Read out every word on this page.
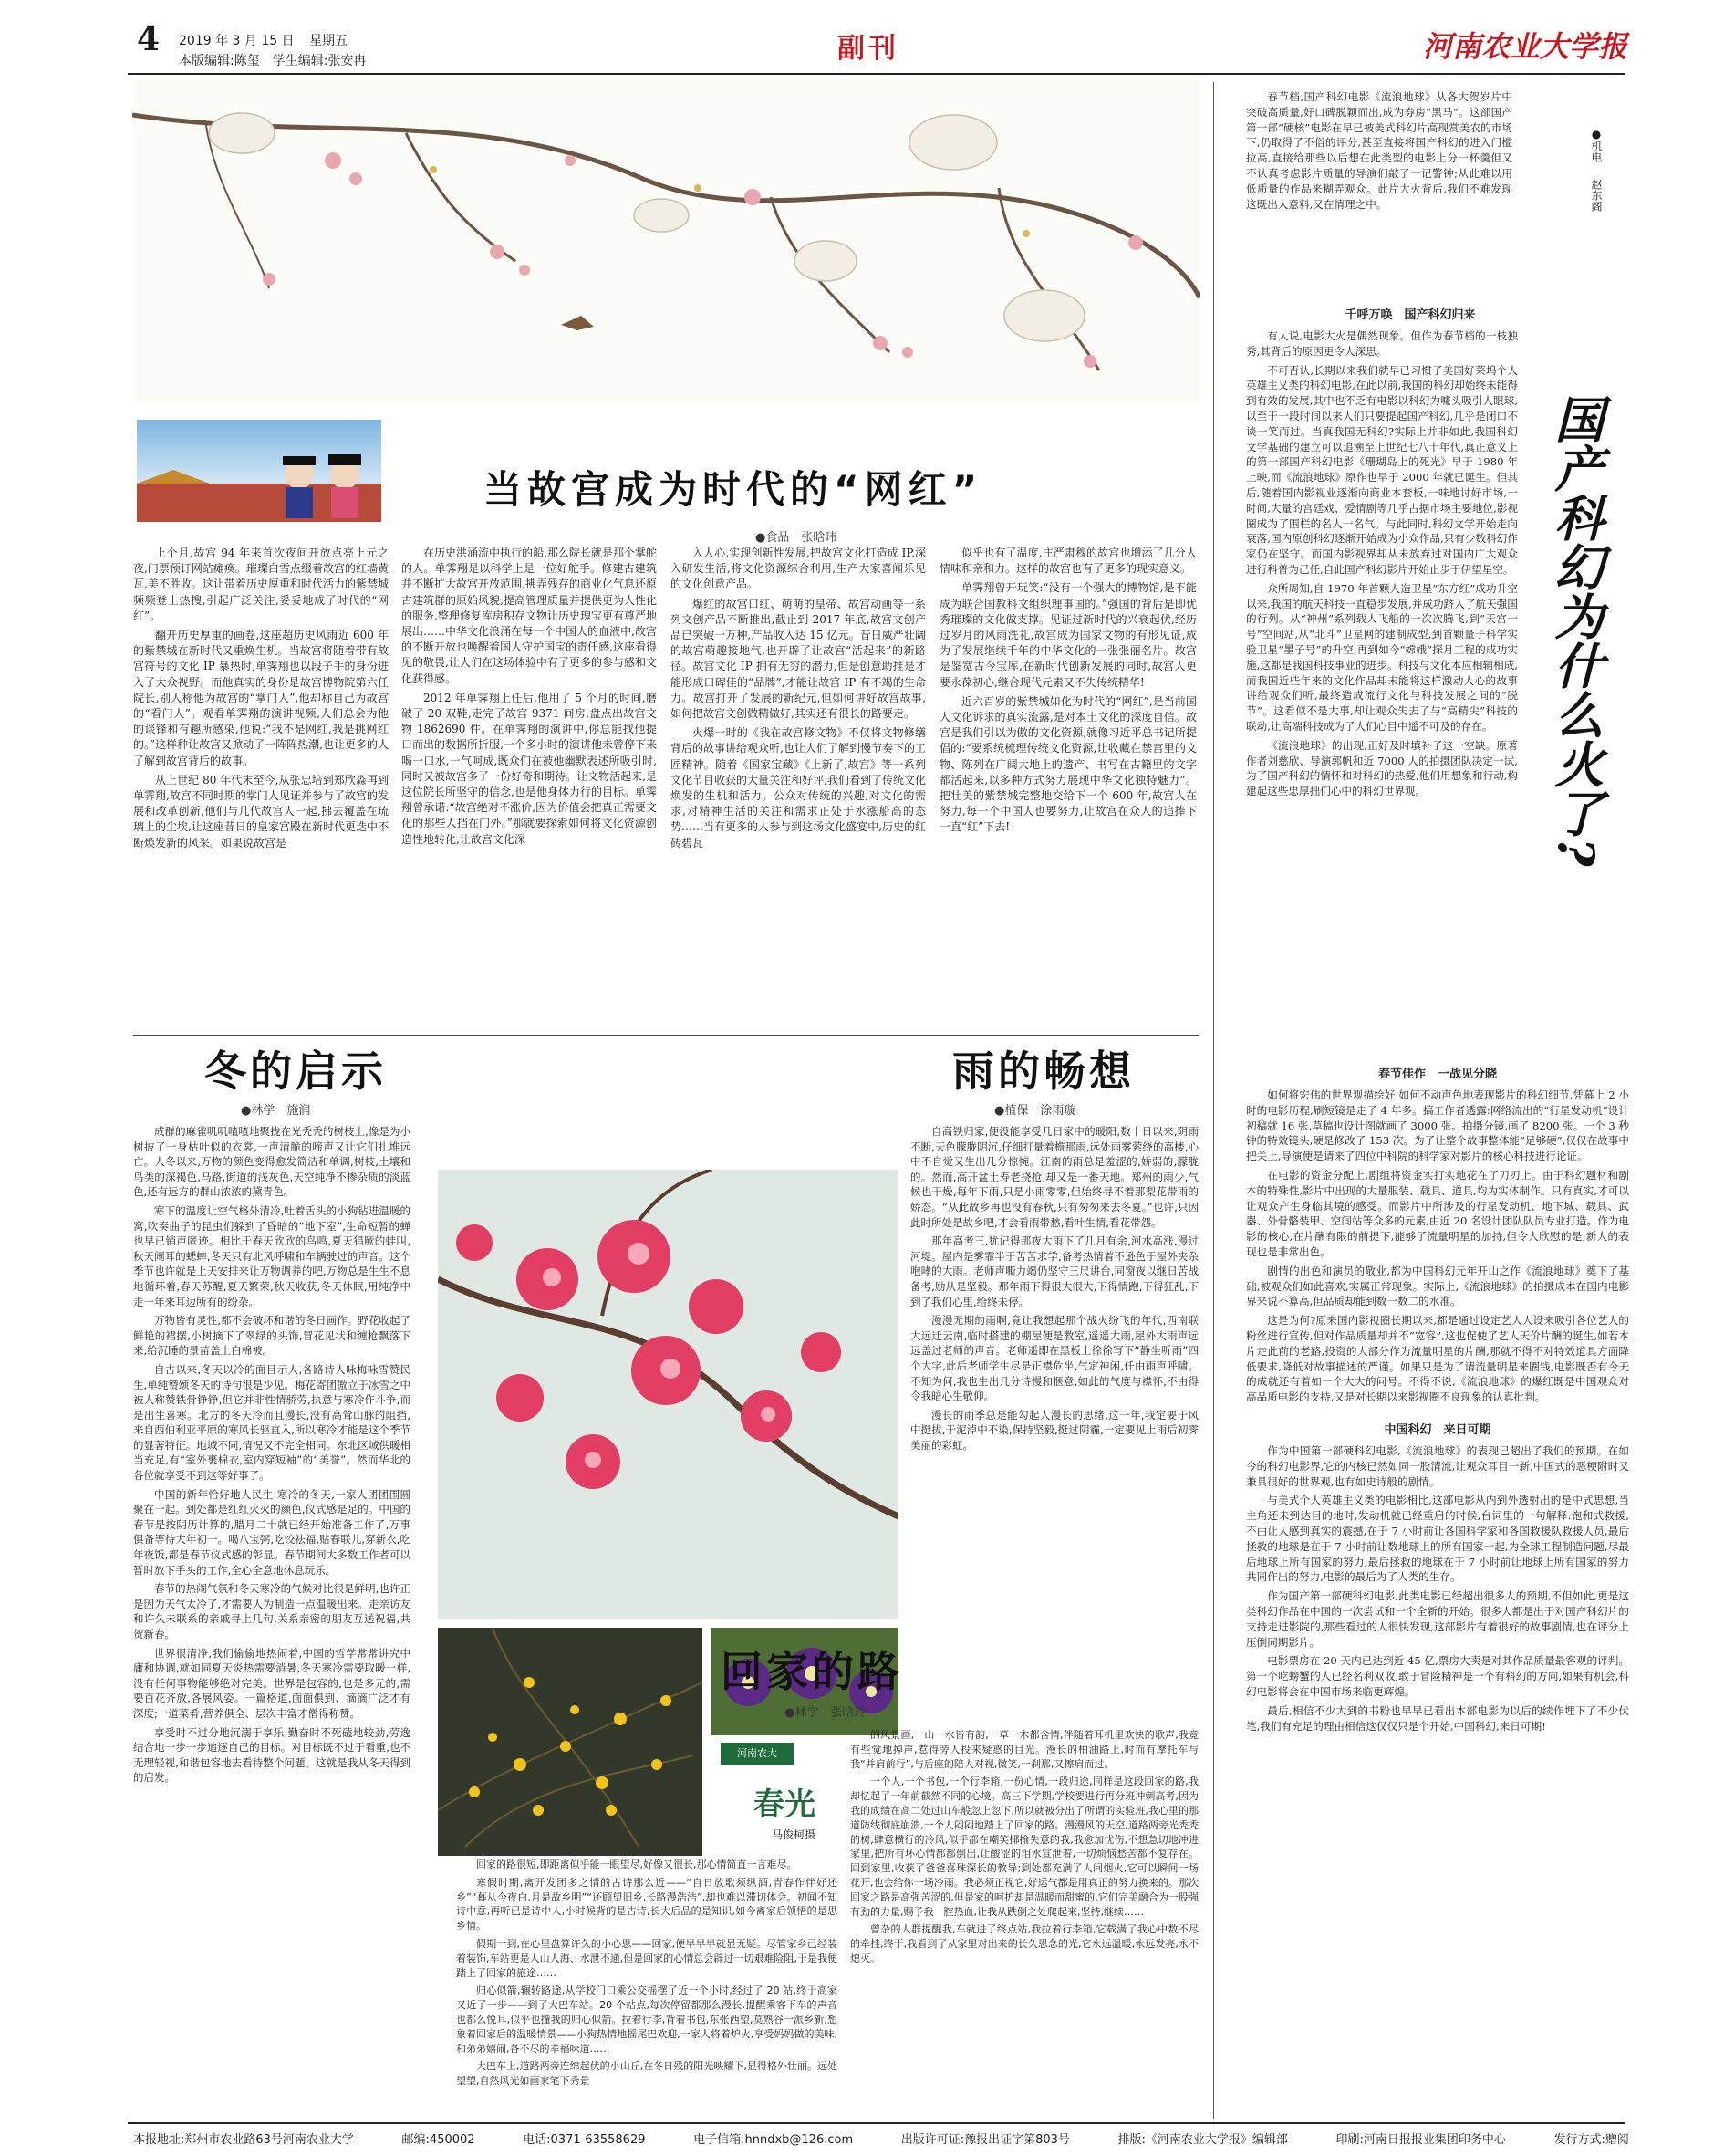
4 2019 年 3 月 15 日 星期五
本版编辑:陈玺　学生编辑:张安冉	副刊	河南农业大学报
当故宫成为时代的“网红”
●食品　张晗玮

上个月,故宫 94 年来首次夜间开放点亮上元之夜,门票预订网站瘫痪。璀璨白雪点缀着故宫的红墙黄瓦,美不胜收。这让带着历史厚重和时代活力的紫禁城频频登上热搜,引起广泛关注,妥妥地成了时代的“网红”。

翻开历史厚重的画卷,这座超历史风雨近 600 年的紫禁城在新时代又重焕生机。当故宫将随着带有故宫符号的文化 IP 暴热时,单霁翔也以段子手的身份进入了大众视野。而他真实的身份是故宫博物院第六任院长,别人称他为故宫的“掌门人”,他却称自己为故宫的“看门人”。观看单霁翔的演讲视频,人们总会为他的谈锋和有趣所感染,他说:“我不是网红,我是挑网红的。”这样种让故宫又掀动了一阵阵热潮,也让更多的人了解到故宫背后的故事。

从上世纪 80 年代末至今,从张忠培到郑欣淼再到单霁翔,故宫不同时期的掌门人见证并参与了故宫的发展和改革创新,他们与几代故宫人一起,拂去覆盖在琉璃上的尘埃,让这座昔日的皇家宫殿在新时代更迭中不断焕发新的风采。如果说故宫是

在历史洪涌流中执行的船,那么院长就是那个掌舵的人。单霁翔是以科学上是一位好舵手。修建古建筑并不断扩大故宫开放范围,拂弄残存的商业化气息还原古建筑群的原始风貌,提高管理质量并提供更为人性化的服务,整理修复库房积存文物让历史瑰宝更有尊严地展出……中华文化浪涌在每一个中国人的血液中,故宫的不断开放也唤醒着国人守护国宝的责任感,这座看得见的敬畏,让人们在这场体验中有了更多的参与感和文化获得感。

2012 年单霁翔上任后,他用了 5 个月的时间,磨破了 20 双鞋,走完了故宫 9371 间房,盘点出故宫文物 1862690 件。在单霁翔的演讲中,你总能找他提口而出的数据所折服,一个多小时的演讲他未曾停下来喝一口水,一气呵成,既众们在被他幽默表述所吸引时,同时又被故宫多了一份好奇和期待。让文物活起来,是这位院长所坚守的信念,也是他身体力行的目标。单霁翔曾承诺:“故宫绝对不涨价,因为价值会把真正需要文化的那些人挡在门外。”那就要探索如何将文化资源创造性地转化,让故宫文化深

入人心,实现创新性发展,把故宫文化打造成 IP,深入研发生活,将文化资源综合利用,生产大家喜闻乐见的文化创意产品。

爆红的故宫口红、萌萌的皇帝、故宫动画等一系列文创产品不断推出,截止到 2017 年底,故宫文创产品已突破一万种,产品收入达 15 亿元。昔日威严壮阔的故宫萌趣接地气,也开辟了让故宫“活起来”的新路径。故宫文化 IP 拥有无穷的潜力,但是创意助推是才能形成口碑佳的“品牌”,才能让故宫 IP 有不竭的生命力。故宫打开了发展的新纪元,但如何讲好故宫故事,如何把故宫文创做精做好,其实还有很长的路要走。

火爆一时的《我在故宫修文物》不仅将文物修缮背后的故事讲给观众听,也让人们了解到慢节奏下的工匠精神。随着《国家宝藏》《上新了,故宫》等一系列文化节目收获的大量关注和好评,我们看到了传统文化焕发的生机和活力。公众对传统的兴趣,对文化的需求,对精神生活的关注和需求正处于水涨船高的态势……当有更多的人参与到这场文化盛宴中,历史的红砖碧瓦

似乎也有了温度,庄严肃穆的故宫也增添了几分人情味和亲和力。这样的故宫也有了更多的现实意义。

单霁翔曾开玩笑:“没有一个强大的博物馆,是不能成为联合国教科文组织理事国的。”强国的背后是即优秀璀璨的文化做支撑。见证过新时代的兴衰起伏,经历过岁月的风雨洗礼,故宫成为国家文物的有形见证,成为了发展继续千年的中华文化的一张张丽名片。故宫是鉴宽古今宝库,在新时代创新发展的同时,故宫人更要永葆初心,继合现代元素又不失传统精华!

近六百岁的紫禁城如化为时代的“网红”,是当前国人文化诉求的真实流露,是对本土文化的深度自信。故宫是我们引以为傲的文化资源,就像习近平总书记所提倡的:“要系统梳理传统文化资源,让收藏在禁宫里的文物、陈列在广阔大地上的遗产、书写在古籍里的文字都活起来,以多种方式努力展现中华文化独特魅力”。把壮美的紫禁城完整地交给下一个 600 年,故宫人在努力,每一个中国人也要努力,让故宫在众人的追捧下一直“红”下去!

冬的启示
●林学　施润

成群的麻雀叽叽喳喳地聚拢在光秃秃的树枝上,像是为小树披了一身枯叶似的衣裳,一声清脆的啼声又让它们扎堆远亡。人冬以来,万物的颜色变得愈发简洁和单调,树枝,土壤和鸟类的深褐色,马路,街道的浅灰色,天空纯净不掺杂质的淡蓝色,还有远方的群山浓浓的黛青色。

寒下的温度让空气格外清冷,吐着舌头的小狗钻进温暖的窝,吹奏曲子的昆虫们躲到了昏暗的“地下室”,生命短暂的蝉也早已销声匿迹。相比于春天欣欣的鸟鸣,夏天猖厥的蛙叫,秋天闹耳的蟋蟀,冬天只有北风呼啸和车辆驶过的声音。这个季节也许就是上天安排来让万物调养的吧,万物总是生生不息地循环着,春天苏醒,夏天繁荣,秋天收获,冬天休眠,用纯净中走一年来耳边所有的纷杂。

万物皆有灵性,都不会破坏和谐的冬日画作。野花收起了鲜艳的裙摆,小树摘下了翠绿的头饰,冒花见状和缠枪飘落下来,给沉睡的景苗盖上白棉被。

自古以来,冬天以冷的面目示人,各路诗人咏梅咏雪赞民生,单纯赞颂冬天的诗句很是少见。梅花寄团傲立于冰雪之中被人称赞铁骨铮铮,但它并非性情骄劳,执意与寒冷作斗争,而是出生喜寒。北方的冬天冷而且漫长,没有高耸山脉的阻挡,来自西伯利亚平原的寒风长驱直入,所以寒冷才能是这个季节的显著特征。地域不同,情况又不完全相同。东北区域供暖相当充足,有“室外裹棉衣,室内穿短袖”的“美誉”。然而华北的各位就享受不到这等好事了。

中国的新年恰好地人民生,寒冷的冬天,一家人团团围圆聚在一起。到处都是红红火火的颜色,仪式感是足的。中国的春节是按阴历计算的,腊月二十就已经开始准备工作了,万事俱备等待大年初一。喝八宝粥,吃饺祛福,贴春联儿,穿新衣,吃年夜饭,都是春节仪式感的彰显。春节期间大多数工作者可以暂时放下手头的工作,全心全意地休息玩乐。

春节的热闹气氛和冬天寒冷的气候对比很是鲜明,也许正是因为天气太冷了,才需要人为制造一点温暖出来。走亲访友和许久未联系的亲戚寻上几句,关系亲密的朋友互送祝福,共贺新春。

世界很清净,我们偷偷地热闹着,中国的哲学常常讲究中庸和协调,就如同夏天炎热需要消暑,冬天寒冷需要取暖一样,没有任何事物能够绝对完美。世界是包容的,也是多元的,需要百花齐放,各展风姿。一篇格道,面面俱到、滴滴广泛才有深度;一道菜肴,营养俱全、层次丰富才僧得称赞。

享受时不过分地沉溺于享乐,勤奋时不死磕地较劲,劳逸结合地一步一步追逐自己的目标。对目标既不过于看重,也不无理轻视,和谐包容地去看待整个问题。这就是我从冬天得到的启发。

河南农大
春光
马俊柯摄
雨的畅想
●植保　涂雨璇

自高铁归家,便没能享受几日家中的暖阳,数十日以来,阴雨不断,天色朦胧阴沉,仔细打量着檐那雨,远处雨雾萦绕的高楼,心中不自觉又生出几分惊惋。江南的雨总是羞涩的,娇弱的,朦胧的。然而,高开盆土寿老挠抢,却又是一番天地。郑州的雨少,气候也干燥,每年下雨,只是小雨零零,但始终寻不着那梨花带雨的娇态。“从此故乡再也没有春秋,只有匆匆来去冬夏。”也许,只因此时所处是故乡吧,才会看雨带愁,看叶生情,看花带怨。

那年高考三,犹记得那夜大雨下了几月有余,河水高涨,漫过河堤。屋内是雾霏半于苦苦求学,备考热情着不逊色于屋外夹杂咆哮的大雨。老师声嘶力竭仍坚守三尺讲台,同窗夜以继日苦战备考,励从是坚毅。那年雨下得很大很大,下得情跑,下得狂乱,下到了我们心里,给终未停。

漫漫无期的雨啊,竟让我想起那个战火纷飞的年代,西南联大远迁云南,临时搭建的棚屋便是教室,遥遥大雨,屋外大雨声远远盖过老师的声音。老师遥即在黑板上徐徐写下“静坐听雨”四个大字,此后老师学生尽是正襟危坐,气定神闲,任由雨声呼啸。不知为何,我也生出几分诗慢和惬意,如此的气度与襟怀,不由得令我暗心生敬仰。

漫长的雨季总是能勾起人漫长的思绪,这一年,我定要于风中挺拔,于泥淖中不染,保持坚毅,挺过阴霾,一定要见上雨后初霁美丽的彩虹。

回家的路
●林学　张晗玲

回家的路很短,即距离似乎能一眼望尽,好像又很长,那心情简直一言难尽。

寒假时期,离开发团多之情的古诗那么近——“自日放歌须纵酒,青春作伴好还乡”“暮从今夜白,月是故乡明”“还顾望旧乡,长路漫浩浩”,却也难以滞切体会。初闻不知诗中意,再听已是诗中人,小时候背的是古诗,长大后品的是知识,如今离家后领悟的是思乡情。

假期一到,在心里盘算许久的小心思——回家,便早早早就显无疑。尽管家乡已经装着装饰,车站更是人山人海、水泄不通,但是回家的心情总会辟过一切艰难险阻,于是我便踏上了回家的旅途……

归心似箭,辗转路途,从学校门口乘公交摇摆了近一个小时,经过了 20 站,终于高家又近了一步——到了大巴车站。20 个站点,每次停留都那么漫长,提醒乘客下车的声音也都么悦耳,似乎也撞我的归心似箭。拉着行李,背着书包,东张西望,莫熟谷一派乡新,想象着回家后的温暖情景——小狗热情地摇尾巴欢迎,一家人将着炉火,享受妈妈做的美味,和弟弟嬉闹,各不尽的幸福味道……

大巴车上,道路两旁连绵起伏的小山丘,在冬日残的阳光映耀下,显得格外壮丽。远处望望,自然风光如画家笔下秀景

的风景画,一山一水皆有韵,一草一木都含情,伴随着耳机里欢快的歌声,我竟有些觉地掉声,惹得旁人投来疑惑的目光。漫长的柏油路上,时而有摩托车与我“并肩前行”,与后座的陪人对视,微笑,一刹那,又擦肩而过。

一个人,一个书包,一个行李箱,一份心情,一段归途,同样是这段回家的路,我却忆起了一年前截然不同的心境。高三下学期,学校要进行再分班冲刺高考,因为我的成绩在高二处过山车般忽上忽下,所以就被分出了所谓的实验班,我心里的那道防线彻底崩溃,一个人闷闷地踏上了回家的路。漫漫风的天空,道路两旁光秃秃的树,肆意横行的冷风,似乎都在嘲笑揶揄失意的我,我愈加忧伤,不想急切地冲进家里,把所有坏心情都都倒出,让酸涩的泪水宣泄着,一切烦恼愁苦都不复存在。回到家里,收获了爸爸喜珠深长的教导;到处都充满了人间烟火,它可以瞬间一场花开,也会给你一场冷雨。我必须正视它,好运气都是用真正的努力换来的。那次回家之路是高强苦涩的,但是家的呵护却是温暖而甜蜜的,它们完美融合为一股强有劲的力量,赐予我一腔热血,让我从跌倒之处爬起来,坚持,继续……

曾杂的人群提醒我,车就进了终点站,我拉着行李箱,它载满了我心中数不尽的牵挂,终于,我看到了从家里对出来的长久思念的光,它永远温暖,永远发亮,永不熄灭。

春节档,国产科幻电影《流浪地球》从各大贺岁片中突破高质量,好口碑脱颖而出,成为券房“黑马”。这部国产第一部“硬核”电影在早已被美式科幻片高现赏美农的市场下,仍取得了不俗的评分,甚至直接将国产科幻的进入门槛拉高,直接给那些以后想在此类型的电影上分一杯羹但又不认真考虑影片质量的导演们敲了一记警钟;从此难以用低质量的作品来糊弄观众。此片大火背后,我们不难发现这既出人意料,又在情理之中。

●机电
赵东阁
国产科幻为什么火了?
千呼万唤　国产科幻归来

有人说,电影大火是偶然现象。但作为春节档的一枝独秀,其背后的原因更令人深思。

不可否认,长期以来我们就早已习惯了美国好莱坞个人英雄主义类的科幻电影,在此以前,我国的科幻却始终未能得到有效的发展,其中也不乏有电影以科幻为噱头吸引人眼球,以至于一段时间以来人们只要提起国产科幻,几乎是闭口不谈一笑而过。当真我国无科幻?实际上并非如此,我国科幻文学基础的建立可以追溯至上世纪七八十年代,真正意义上的第一部国产科幻电影《珊瑚岛上的死光》早于 1980 年上映,而《流浪地球》原作也早于 2000 年就已诞生。但其后,随着国内影视业逐渐向商业本套板,一味地讨好市场,一时间,大量的宫廷戏、爱情剧等几乎占据市场主要地位,影视圈成为了围栏的名人一名气。与此同时,科幻文学开始走向衰落,国内原创科幻逐渐开始成为小众作品,只有少数科幻作家仍在坚守。而国内影视界却从未放弃过对国内广大观众进行科普为己任,自此国产科幻影片开始止步于伊望星空。

众所周知,自 1970 年首颗人造卫星“东方红”成功升空以来,我国的航天科技一直稳步发展,并成功跻入了航天强国的行列。从“神州”系列载人飞船的一次次腾飞,到“天宫一号”空间站,从“北斗”卫星网的建制成型,到首颗量子科学实验卫星“墨子号”的升空,再到如今“嫦娥”探月工程的成功实施,这都是我国科技事业的进步。科技与文化本应相辅相成,而我国近些年来的文化作品却未能将这样激动人心的故事讲给观众们听,最终造成流行文化与科技发展之间的“脱节”。这看似不是大事,却让观众失去了与“高精尖”科技的联动,让高端科技成为了人们心目中遥不可及的存在。

《流浪地球》的出现,正好及时填补了这一空缺。原著作者刘慈欣、导演郭帆和近 7000 人的拍摄团队决定一试,为了国产科幻的情怀和对科幻的热爱,他们用想象和行动,构建起这些忠厚拙们心中的科幻世界观。

春节佳作　一战见分晓

如何将宏伟的世界观描绘好,如何不动声色地表现影片的科幻细节,凭幕上 2 小时的电影历程,刷短镜是走了 4 年多。搞工作者透露:网络流出的“行星发动机”设计初稿就 16 张,草稿也设计图就画了 3000 张。拍摄分镜,画了 8200 张。一个 3 秒钟的特效镜头,硬是修改了 153 次。为了让整个故事整体能“足够硬”,仅仅在故事中把关上,导演便是请来了四位中科院的科学家对影片的核心科技进行论证。

在电影的资金分配上,剧组将资金实打实地花在了刀刃上。由于科幻题材和剧本的特殊性,影片中出现的大量服装、载具、道具,均为实体制作。只有真实,才可以让观众产生身临其境的感受。而影片中所涉及的行星发动机、地下城、载具、武器、外骨骼装甲、空间站等众多的元素,由近 20 名设计团队队员专业打造。作为电影的核心,在片酬有限的前提下,能够了流量明星的加持,但令人欣慰的是,新人的表现也是非常出色。

剧情的出色和演员的敬业,都为中国科幻元年开山之作《流浪地球》奠下了基础,被观众们如此喜欢,实属正常现象。实际上,《流浪地球》的拍摄成本在国内电影界来说不算高,但品质却能到数一数二的水准。

这是为何?原来国内影视圈长期以来,都是通过设定艺人人设来吸引各位艺人的粉丝进行宣传,但对作品质量却并不“宽容”,这也促使了艺人天价片酬的诞生,如若本片走此前的老路,投资的大部分作为流量明星的片酬,那就不得不对特效道具方面降低要求,降低对故事描述的严谨。如果只是为了请流量明星来圈钱,电影既否有今天的成就还有着如一个大大的问号。不得不说,《流浪地球》的爆红既是中国观众对高品质电影的支持,又是对长期以来影视圈不良现象的认真批判。

中国科幻　来日可期

作为中国第一部硬科幻电影,《流浪地球》的表现已超出了我们的预期。在如今的科幻电影界,它的内核已然如同一股清流,让观众耳目一新,中国式的恶梗附时又兼具很好的世界观,也有如史诗般的剧情。

与美式个人英雄主义类的电影相比,这部电影从内到外透射出的是中式思想,当主角还未到达目的地时,发动机就已经重启的时候,台词里的一句解释:饱和式救援,不由让人感到真实的震撼,在于 7 小时前让各国科学家和各国救援队救援人员,最后拯救的地球是在于 7 小时前让数地球上的所有国家一起,为全球工程制造问题,尽最后地球上所有国家的努力,最后拯救的地球在于 7 小时前让地球上所有国家的努力共同作出的努力,电影的最后为了人类的生存。

作为国产第一部硬科幻电影,此类电影已经超出很多人的预期,不但如此,更是这类科幻作品在中国的一次尝试和一个全新的开始。很多人都是出于对国产科幻片的支持走进影院的,那些看过的人很快发现,这部影片有着很好的故事剧情,也在评分上压倒同期影片。

电影票房在 20 天内已达到近 45 亿,票房大卖是对其作品质量最客观的评判。第一个吃螃蟹的人已经名利双收,敢于冒险精神是一个有科幻的方向,如果有机会,科幻电影将会在中国市场来临更辉煌。

最后,相信不少大到的书粉也早早已看出本部电影为以后的续作埋下了不少伏笔,我们有充足的理由相信这仅仅只是个开始,中国科幻,来日可期!

本报地址:郑州市农业路63号河南农业大学	邮编:450002	电话:0371-63558629	电子信箱:hnndxb@126.com	出版许可证:豫报出证字第803号	排版:《河南农业大学报》编辑部	印刷:河南日报报业集团印务中心	发行方式:赠阅
